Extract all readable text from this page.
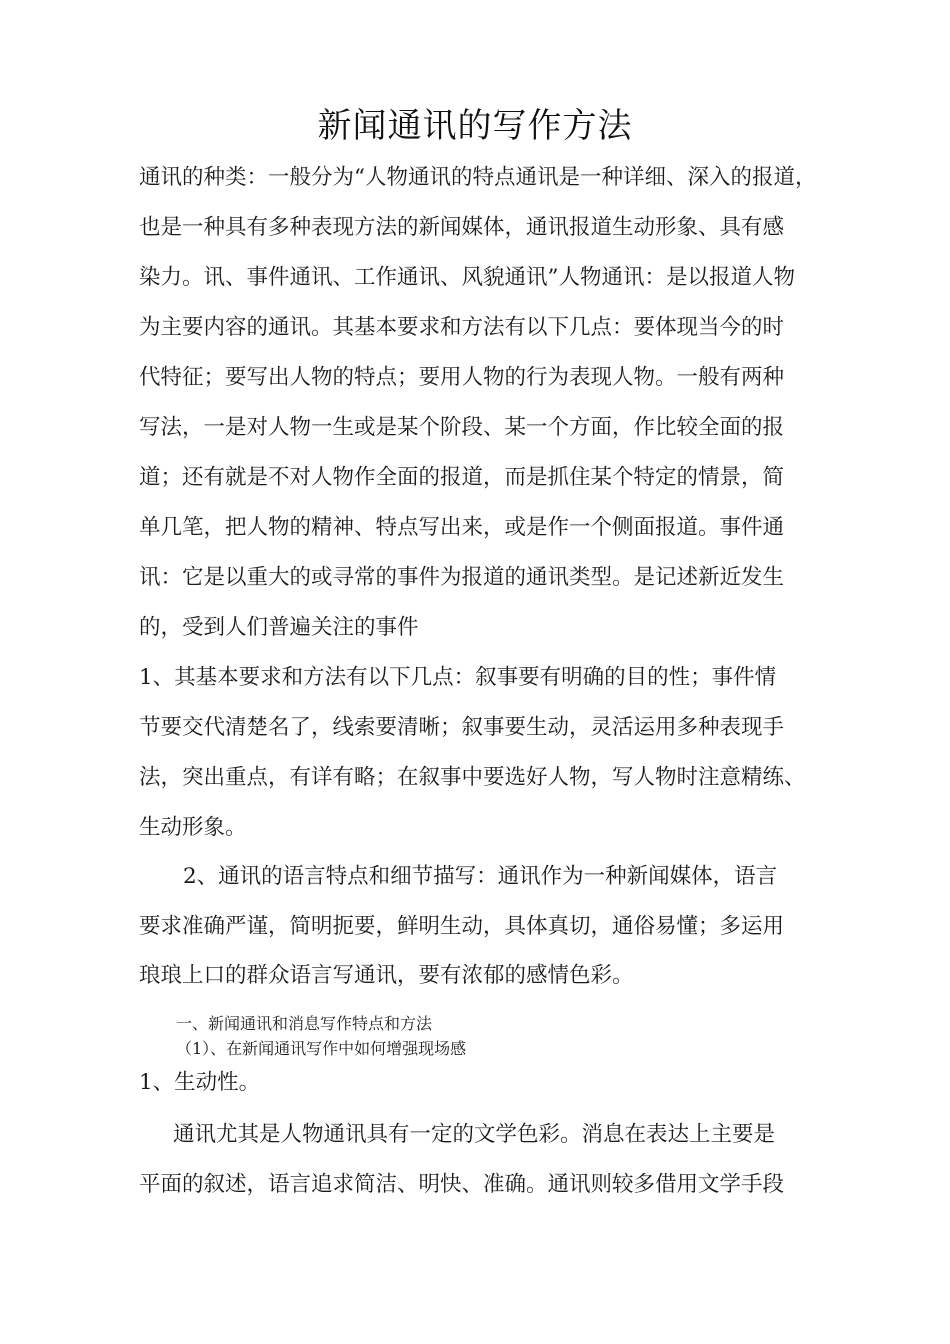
新闻通讯的写作方法
通讯的种类：一般分为“人物通讯的特点通讯是一种详细、深入的报道，
也是一种具有多种表现方法的新闻媒体，通讯报道生动形象、具有感
染力。讯、事件通讯、工作通讯、风貌通讯”人物通讯：是以报道人物
为主要内容的通讯。其基本要求和方法有以下几点：要体现当今的时
代特征；要写出人物的特点；要用人物的行为表现人物。一般有两种
写法，一是对人物一生或是某个阶段、某一个方面，作比较全面的报
道；还有就是不对人物作全面的报道，而是抓住某个特定的情景，简
单几笔，把人物的精神、特点写出来，或是作一个侧面报道。事件通
讯：它是以重大的或寻常的事件为报道的通讯类型。是记述新近发生
的，受到人们普遍关注的事件
1、其基本要求和方法有以下几点：叙事要有明确的目的性；事件情
节要交代清楚名了，线索要清晰；叙事要生动，灵活运用多种表现手
法，突出重点，有详有略；在叙事中要选好人物，写人物时注意精练、
生动形象。
2、通讯的语言特点和细节描写：通讯作为一种新闻媒体，语言
要求准确严谨，简明扼要，鲜明生动，具体真切，通俗易懂；多运用
琅琅上口的群众语言写通讯，要有浓郁的感情色彩。
一、新闻通讯和消息写作特点和方法
（1）、在新闻通讯写作中如何增强现场感
1、生动性。
通讯尤其是人物通讯具有一定的文学色彩。消息在表达上主要是
平面的叙述，语言追求简洁、明快、准确。通讯则较多借用文学手段
